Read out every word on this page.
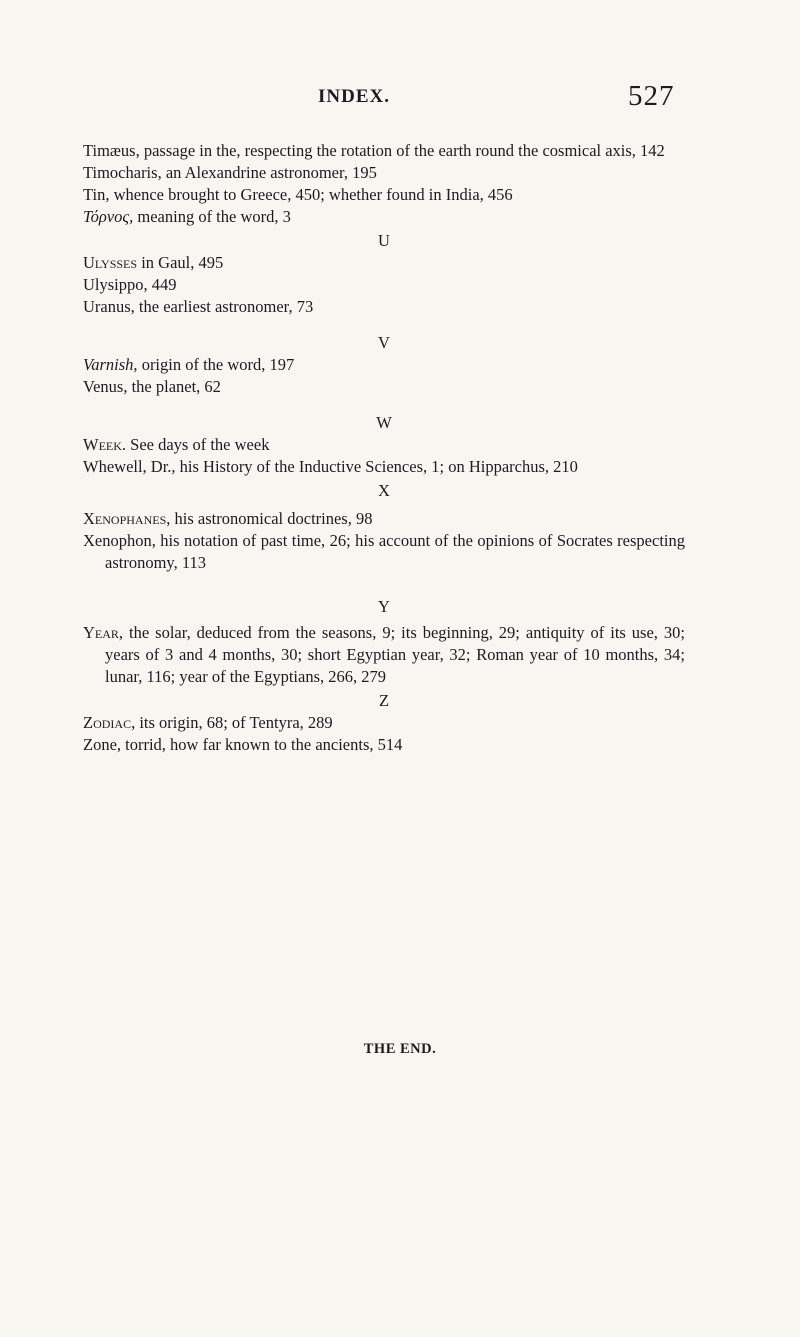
INDEX.	527

Timæus, passage in the, respecting the rotation of the earth round the cosmical axis, 142

Timocharis, an Alexandrine astronomer, 195

Tin, whence brought to Greece, 450; whether found in India, 456

Τόρνος, meaning of the word, 3

U

Ulysses in Gaul, 495

Ulysippo, 449

Uranus, the earliest astronomer, 73

V

Varnish, origin of the word, 197

Venus, the planet, 62

W

Week. See days of the week

Whewell, Dr., his History of the Inductive Sciences, 1; on Hipparchus, 210

X

Xenophanes, his astronomical doctrines, 98

Xenophon, his notation of past time, 26; his account of the opinions of Socrates respecting astronomy, 113

Y

Year, the solar, deduced from the seasons, 9; its beginning, 29; antiquity of its use, 30; years of 3 and 4 months, 30; short Egyptian year, 32; Roman year of 10 months, 34; lunar, 116; year of the Egyptians, 266, 279

Z

Zodiac, its origin, 68; of Tentyra, 289

Zone, torrid, how far known to the ancients, 514

THE END.
